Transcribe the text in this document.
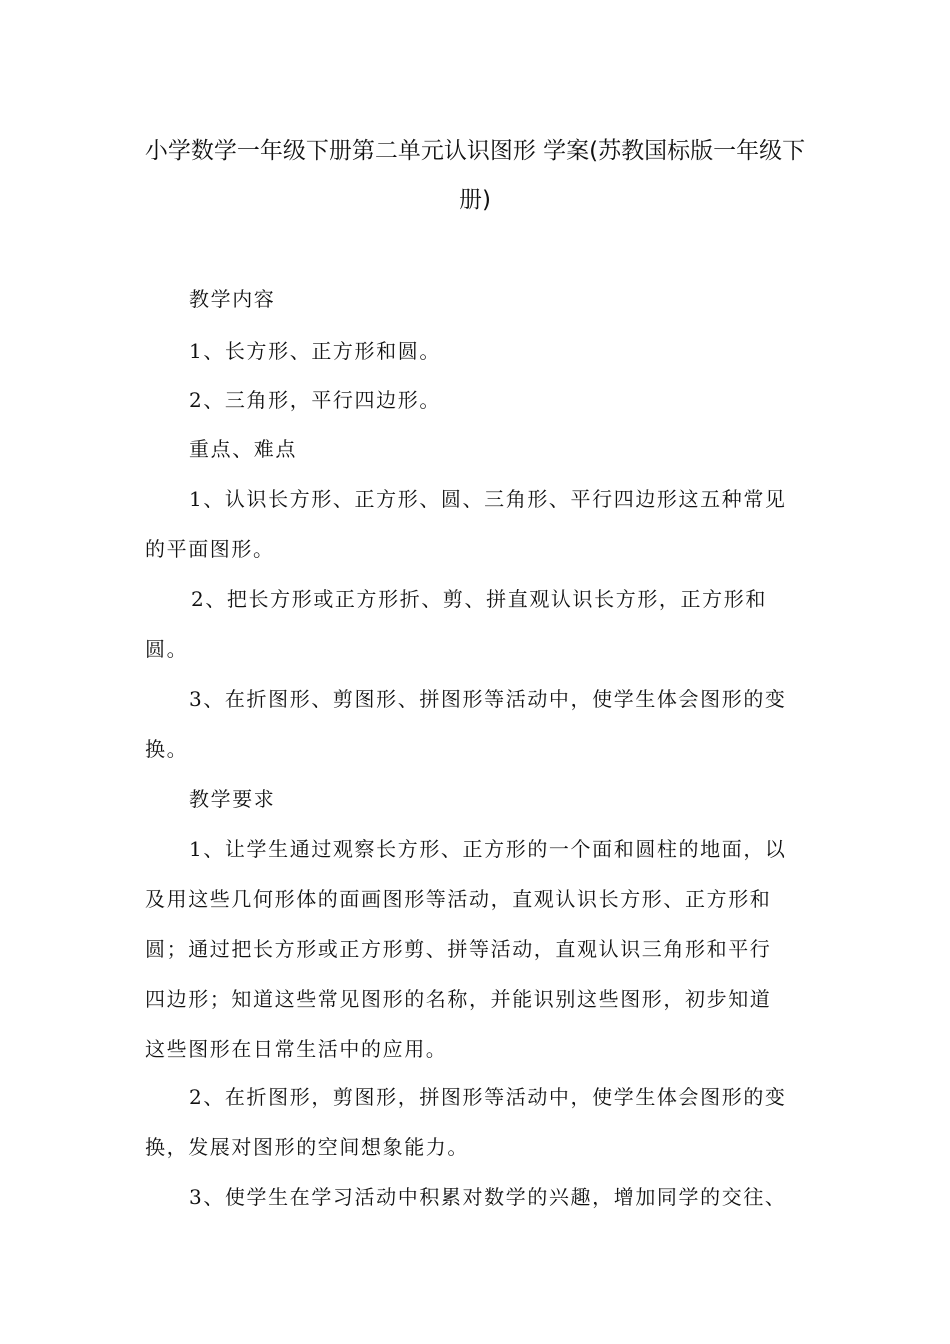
小学数学一年级下册第二单元认识图形 学案(苏教国标版一年级下
册)
教学内容
1、长方形、正方形和圆。
2、三角形，平行四边形。
重点、难点
1、认识长方形、正方形、圆、三角形、平行四边形这五种常见
的平面图形。
2、把长方形或正方形折、剪、拼直观认识长方形，正方形和
圆。
3、在折图形、剪图形、拼图形等活动中，使学生体会图形的变
换。
教学要求
1、让学生通过观察长方形、正方形的一个面和圆柱的地面，以
及用这些几何形体的面画图形等活动，直观认识长方形、正方形和
圆；通过把长方形或正方形剪、拼等活动，直观认识三角形和平行
四边形；知道这些常见图形的名称，并能识别这些图形，初步知道
这些图形在日常生活中的应用。
2、在折图形，剪图形，拼图形等活动中，使学生体会图形的变
换，发展对图形的空间想象能力。
3、使学生在学习活动中积累对数学的兴趣，增加同学的交往、
